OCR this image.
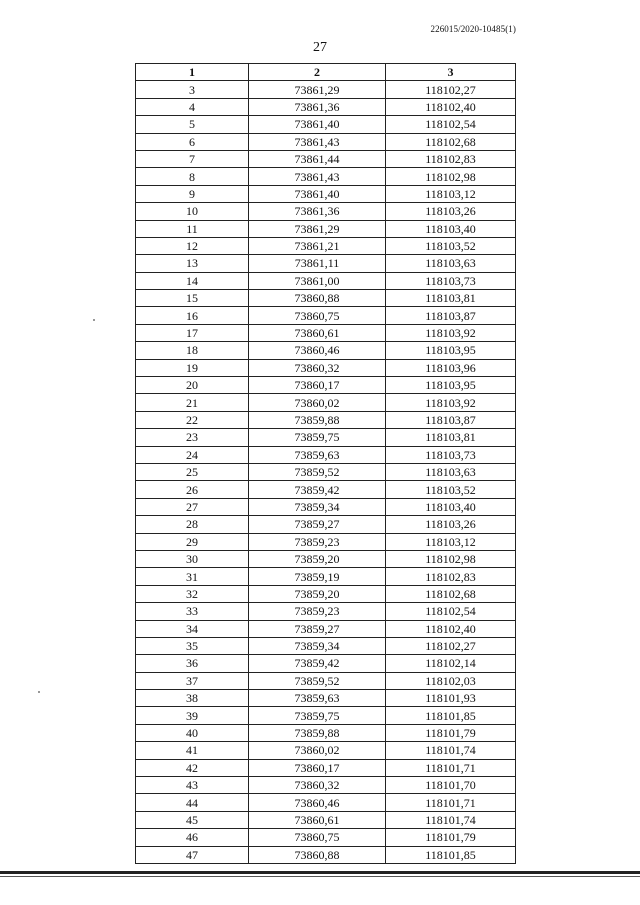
226015/2020-10485(1)
27
1	2	3
3	73861,29	118102,27
4	73861,36	118102,40
5	73861,40	118102,54
6	73861,43	118102,68
7	73861,44	118102,83
8	73861,43	118102,98
9	73861,40	118103,12
10	73861,36	118103,26
11	73861,29	118103,40
12	73861,21	118103,52
13	73861,11	118103,63
14	73861,00	118103,73
15	73860,88	118103,81
16	73860,75	118103,87
17	73860,61	118103,92
18	73860,46	118103,95
19	73860,32	118103,96
20	73860,17	118103,95
21	73860,02	118103,92
22	73859,88	118103,87
23	73859,75	118103,81
24	73859,63	118103,73
25	73859,52	118103,63
26	73859,42	118103,52
27	73859,34	118103,40
28	73859,27	118103,26
29	73859,23	118103,12
30	73859,20	118102,98
31	73859,19	118102,83
32	73859,20	118102,68
33	73859,23	118102,54
34	73859,27	118102,40
35	73859,34	118102,27
36	73859,42	118102,14
37	73859,52	118102,03
38	73859,63	118101,93
39	73859,75	118101,85
40	73859,88	118101,79
41	73860,02	118101,74
42	73860,17	118101,71
43	73860,32	118101,70
44	73860,46	118101,71
45	73860,61	118101,74
46	73860,75	118101,79
47	73860,88	118101,85
